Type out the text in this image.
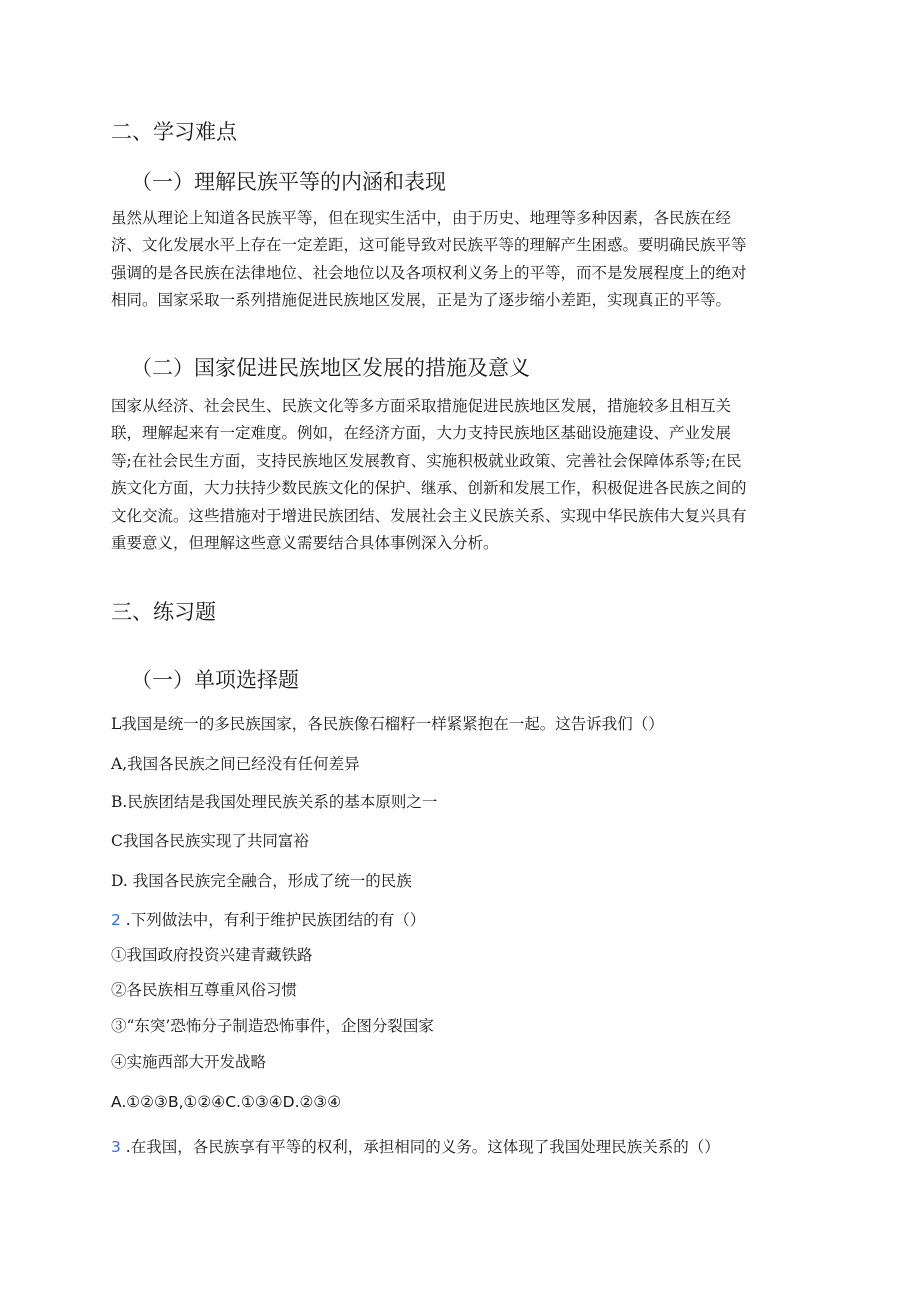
二、学习难点
（一）理解民族平等的内涵和表现
虽然从理论上知道各民族平等，但在现实生活中，由于历史、地理等多种因素，各民族在经
济、文化发展水平上存在一定差距，这可能导致对民族平等的理解产生困惑。要明确民族平等
强调的是各民族在法律地位、社会地位以及各项权利义务上的平等，而不是发展程度上的绝对
相同。国家采取一系列措施促进民族地区发展，正是为了逐步缩小差距，实现真正的平等。
（二）国家促进民族地区发展的措施及意义
国家从经济、社会民生、民族文化等多方面采取措施促进民族地区发展，措施较多且相互关
联，理解起来有一定难度。例如，在经济方面，大力支持民族地区基础设施建设、产业发展
等;在社会民生方面，支持民族地区发展教育、实施积极就业政策、完善社会保障体系等;在民
族文化方面，大力扶持少数民族文化的保护、继承、创新和发展工作，积极促进各民族之间的
文化交流。这些措施对于增进民族团结、发展社会主义民族关系、实现中华民族伟大复兴具有
重要意义，但理解这些意义需要结合具体事例深入分析。
三、练习题
（一）单项选择题

L我国是统一的多民族国家，各民族像石榴籽一样紧紧抱在一起。这告诉我们（）

A,我国各民族之间已经没有任何差异

B.民族团结是我国处理民族关系的基本原则之一

C我国各民族实现了共同富裕

D. 我国各民族完全融合，形成了统一的民族

2 .下列做法中，有利于维护民族团结的有（）

①我国政府投资兴建青藏铁路

②各民族相互尊重风俗习惯

③“东突’恐怖分子制造恐怖事件，企图分裂国家

④实施西部大开发战略

A.①②③B,①②④C.①③④D.②③④

3 .在我国，各民族享有平等的权利，承担相同的义务。这体现了我国处理民族关系的（）
